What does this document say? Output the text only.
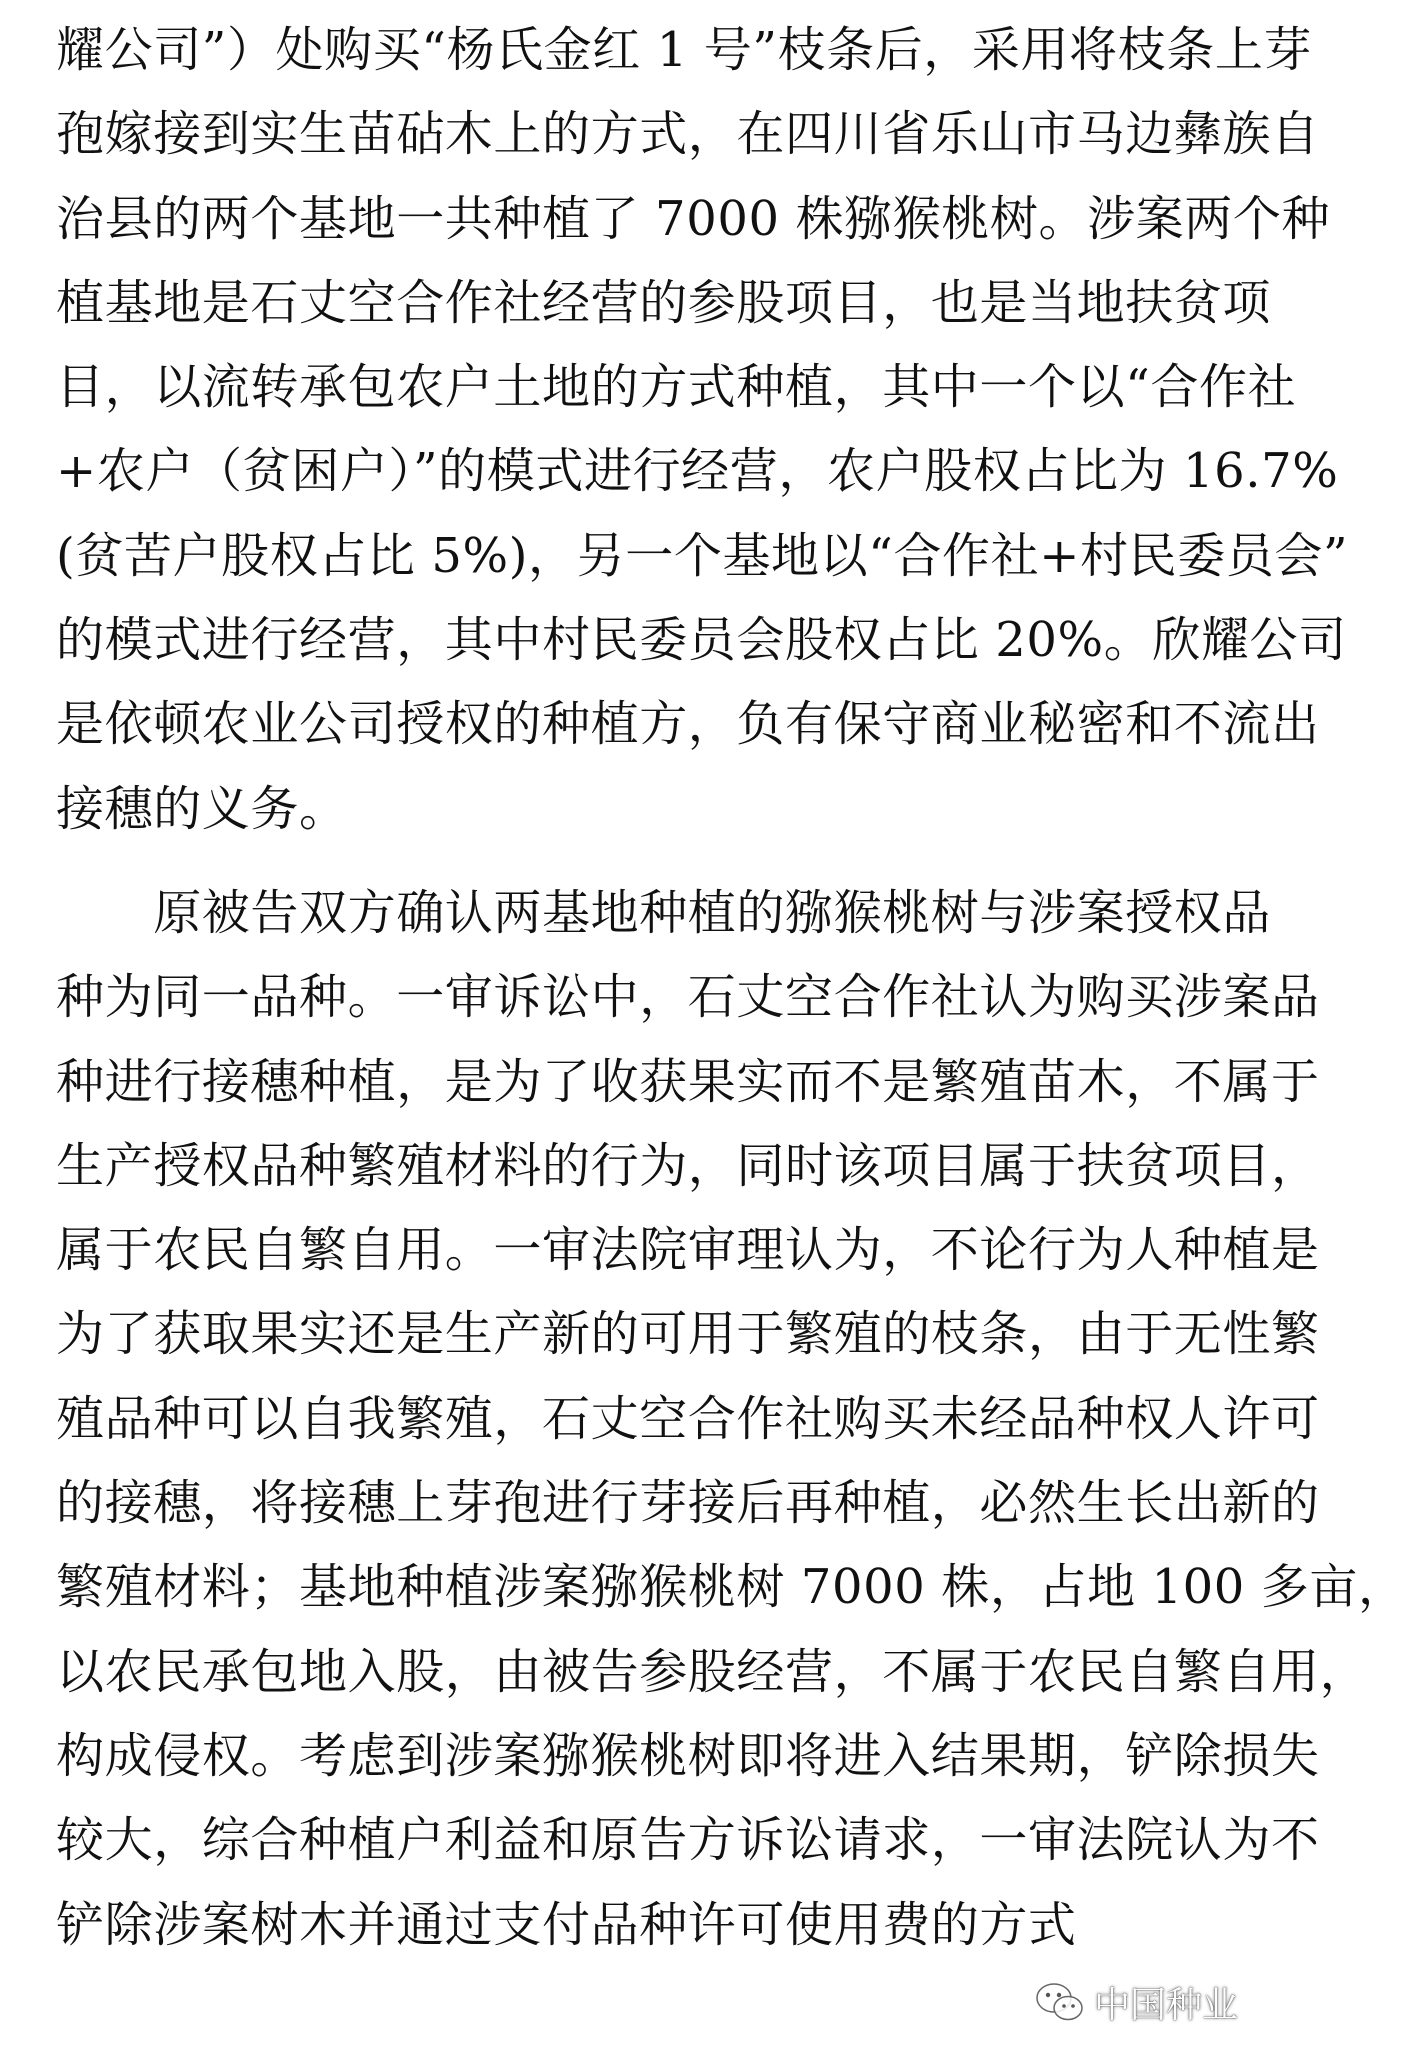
耀公司”）处购买“杨氏金红 1 号”枝条后，采用将枝条上芽
孢嫁接到实生苗砧木上的方式，在四川省乐山市马边彝族自
治县的两个基地一共种植了 7000 株猕猴桃树。涉案两个种
植基地是石丈空合作社经营的参股项目，也是当地扶贫项
目，以流转承包农户土地的方式种植，其中一个以“合作社
+农户（贫困户）”的模式进行经营，农户股权占比为 16.7%
(贫苦户股权占比 5%)，另一个基地以“合作社+村民委员会”
的模式进行经营，其中村民委员会股权占比 20%。欣耀公司
是依顿农业公司授权的种植方，负有保守商业秘密和不流出
接穗的义务。
　　原被告双方确认两基地种植的猕猴桃树与涉案授权品
种为同一品种。一审诉讼中，石丈空合作社认为购买涉案品
种进行接穗种植，是为了收获果实而不是繁殖苗木，不属于
生产授权品种繁殖材料的行为，同时该项目属于扶贫项目，
属于农民自繁自用。一审法院审理认为，不论行为人种植是
为了获取果实还是生产新的可用于繁殖的枝条，由于无性繁
殖品种可以自我繁殖，石丈空合作社购买未经品种权人许可
的接穗，将接穗上芽孢进行芽接后再种植，必然生长出新的
繁殖材料；基地种植涉案猕猴桃树 7000 株，占地 100 多亩，
以农民承包地入股，由被告参股经营，不属于农民自繁自用，
构成侵权。考虑到涉案猕猴桃树即将进入结果期，铲除损失
较大，综合种植户利益和原告方诉讼请求，一审法院认为不
铲除涉案树木并通过支付品种许可使用费的方式
中国种业
